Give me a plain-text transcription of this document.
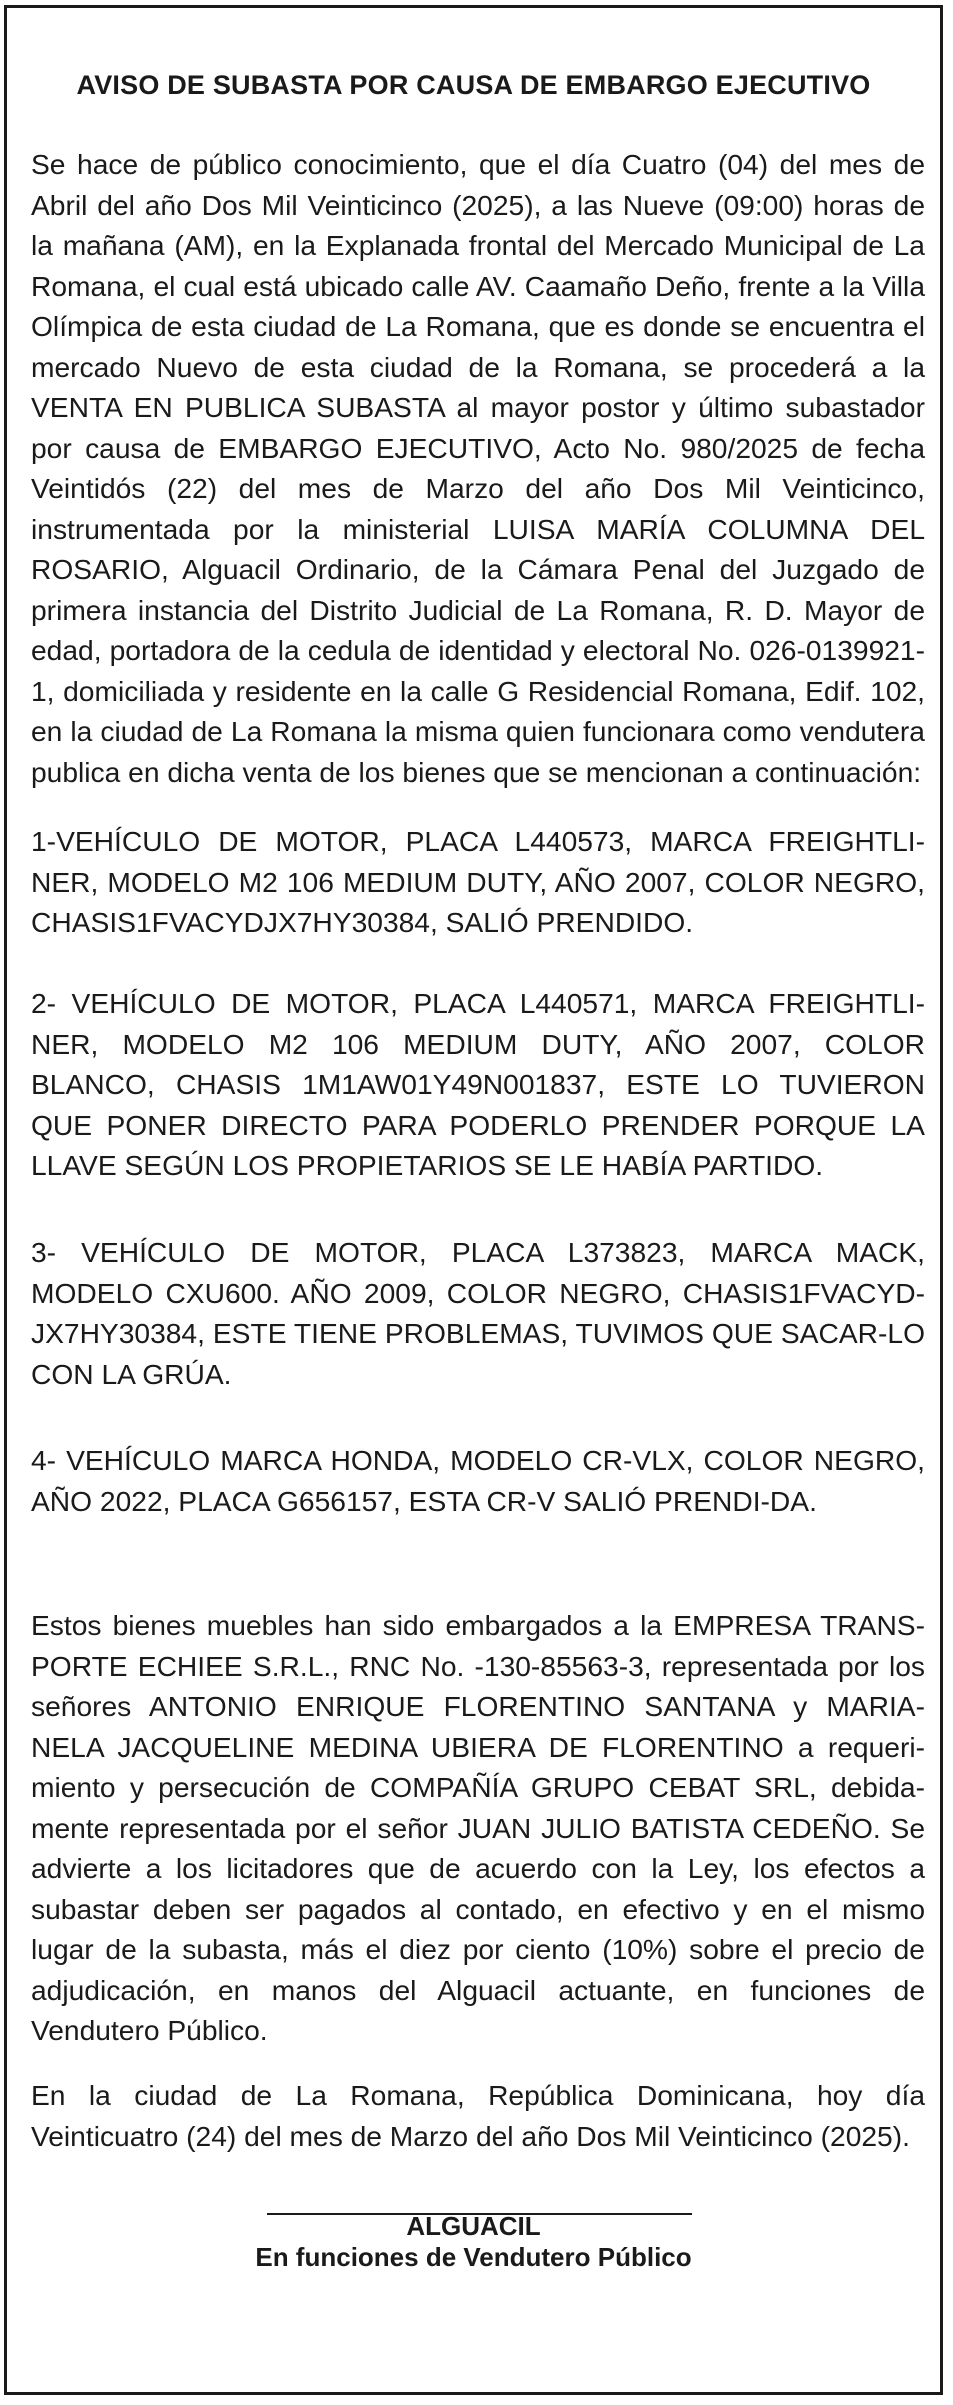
AVISO DE SUBASTA POR CAUSA DE EMBARGO EJECUTIVO
Se hace de público conocimiento, que el día Cuatro (04) del mes de Abril del año Dos Mil Veinticinco (2025), a las Nueve (09:00) horas de la mañana (AM), en la Explanada frontal del Mercado Municipal de La Romana, el cual está ubicado calle AV. Caamaño Deño, frente a la Villa Olímpica de esta ciudad de La Romana, que es donde se encuentra el mercado Nuevo de esta ciudad de la Romana, se procederá a la VENTA EN PUBLICA SUBASTA al mayor postor y último subastador por causa de EMBARGO EJECUTIVO, Acto No. 980/2025 de fecha Veintidós (22) del mes de Marzo del año Dos Mil Veinticinco, instrumentada por la ministerial LUISA MARÍA COLUMNA DEL ROSARIO, Alguacil Ordinario, de la Cámara Penal del Juzgado de primera instancia del Distrito Judicial de La Romana, R. D. Mayor de edad, portadora de la cedula de identidad y electoral No. 026-0139921-1, domiciliada y residente en la calle G Residencial Romana, Edif. 102, en la ciudad de La Romana la misma quien funcionara como vendutera publica en dicha venta de los bienes que se mencionan a continuación:
1-VEHÍCULO DE MOTOR, PLACA L440573, MARCA FREIGHTLI-NER, MODELO M2 106 MEDIUM DUTY, AÑO 2007, COLOR NEGRO, CHASIS1FVACYDJX7HY30384, SALIÓ PRENDIDO.
2- VEHÍCULO DE MOTOR, PLACA L440571, MARCA FREIGHTLI-NER, MODELO M2 106 MEDIUM DUTY, AÑO 2007, COLOR BLANCO, CHASIS 1M1AW01Y49N001837, ESTE LO TUVIERON QUE PONER DIRECTO PARA PODERLO PRENDER PORQUE LA LLAVE SEGÚN LOS PROPIETARIOS SE LE HABÍA PARTIDO.
3- VEHÍCULO DE MOTOR, PLACA L373823, MARCA MACK, MODELO CXU600. AÑO 2009, COLOR NEGRO, CHASIS1FVACYD-JX7HY30384, ESTE TIENE PROBLEMAS, TUVIMOS QUE SACAR-LO CON LA GRÚA.
4- VEHÍCULO MARCA HONDA, MODELO CR-VLX, COLOR NEGRO, AÑO 2022, PLACA G656157, ESTA CR-V SALIÓ PRENDI-DA.
Estos bienes muebles han sido embargados a la EMPRESA TRANS-PORTE ECHIEE S.R.L., RNC No. -130-85563-3, representada por los señores ANTONIO ENRIQUE FLORENTINO SANTANA y MARIA-NELA JACQUELINE MEDINA UBIERA DE FLORENTINO a requeri-miento y persecución de COMPAÑÍA GRUPO CEBAT SRL, debida-mente representada por el señor JUAN JULIO BATISTA CEDEÑO. Se advierte a los licitadores que de acuerdo con la Ley, los efectos a subastar deben ser pagados al contado, en efectivo y en el mismo lugar de la subasta, más el diez por ciento (10%) sobre el precio de adjudicación, en manos del Alguacil actuante, en funciones de Vendutero Público.
En la ciudad de La Romana, República Dominicana, hoy día Veinticuatro (24) del mes de Marzo del año Dos Mil Veinticinco (2025).
ALGUACIL
En funciones de Vendutero Público
